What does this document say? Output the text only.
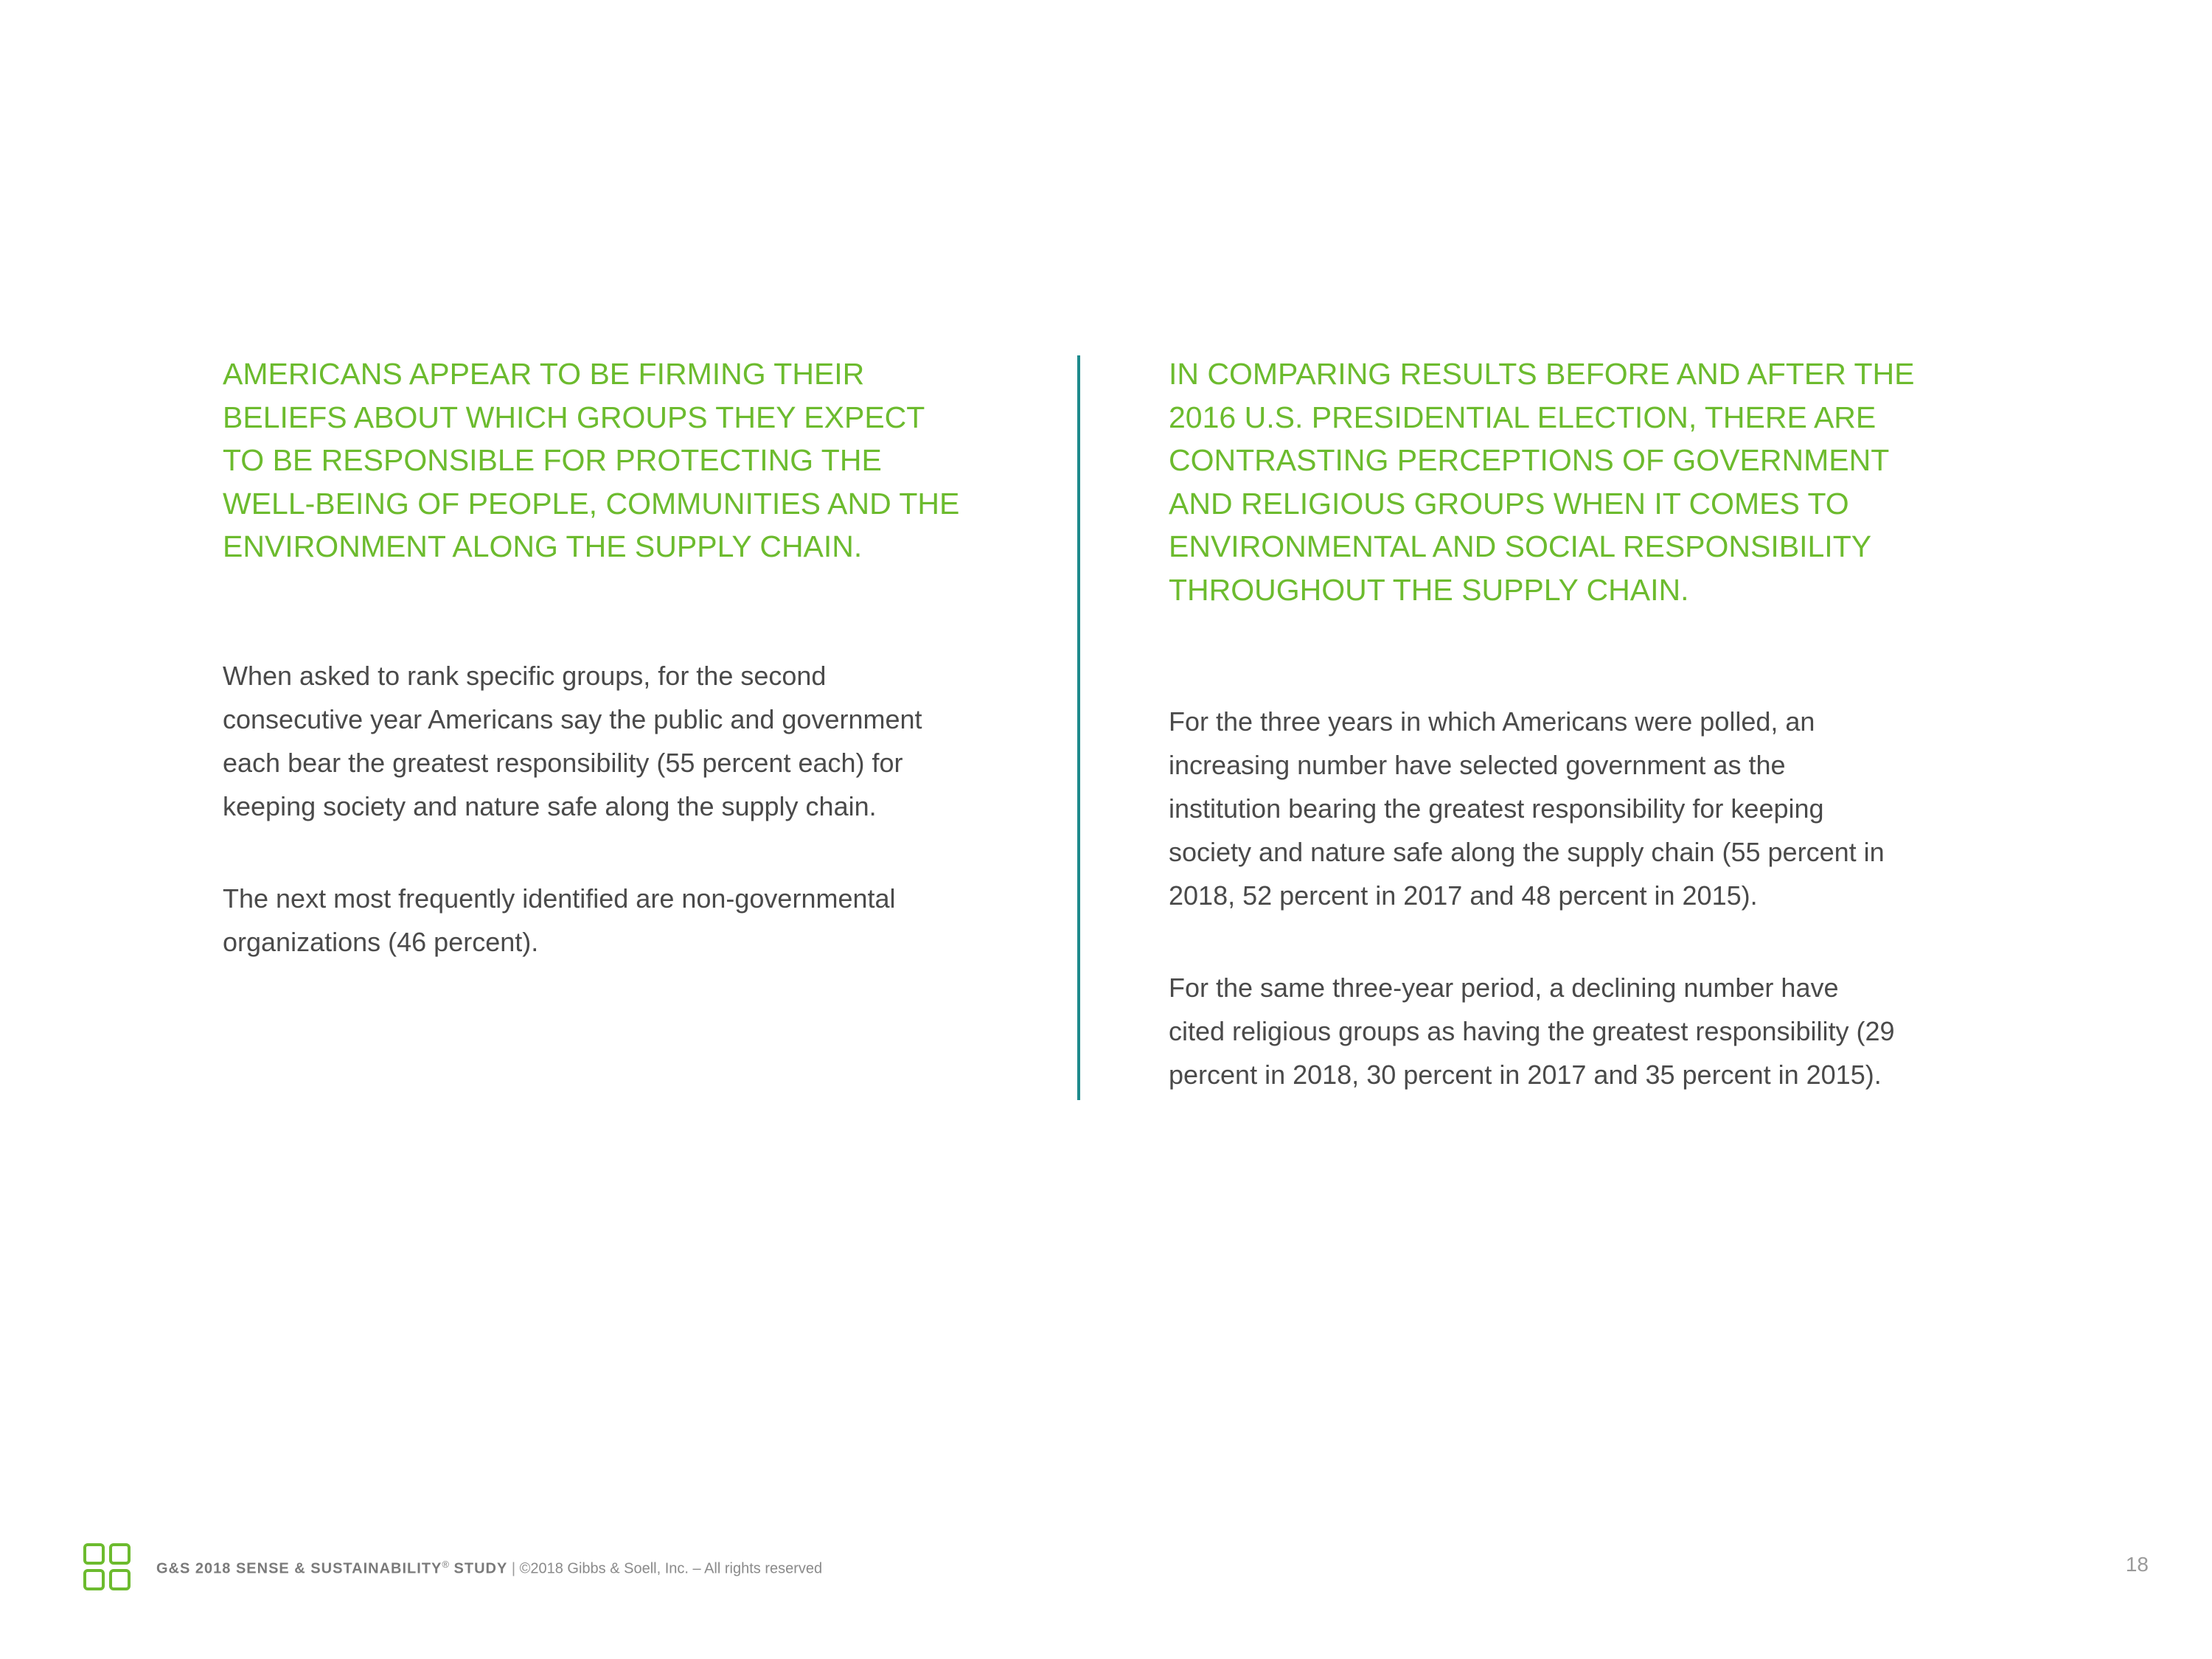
AMERICANS APPEAR TO BE FIRMING THEIR
BELIEFS ABOUT WHICH GROUPS THEY EXPECT
TO BE RESPONSIBLE FOR PROTECTING THE
WELL-BEING OF PEOPLE, COMMUNITIES AND THE
ENVIRONMENT ALONG THE SUPPLY CHAIN.

When asked to rank specific groups, for the second
consecutive year Americans say the public and government
each bear the greatest responsibility (55 percent each) for
keeping society and nature safe along the supply chain.

The next most frequently identified are non-governmental
organizations (46 percent).

IN COMPARING RESULTS BEFORE AND AFTER THE
2016 U.S. PRESIDENTIAL ELECTION, THERE ARE
CONTRASTING PERCEPTIONS OF GOVERNMENT
AND RELIGIOUS GROUPS WHEN IT COMES TO
ENVIRONMENTAL AND SOCIAL RESPONSIBILITY
THROUGHOUT THE SUPPLY CHAIN.

For the three years in which Americans were polled, an
increasing number have selected government as the
institution bearing the greatest responsibility for keeping
society and nature safe along the supply chain (55 percent in
2018, 52 percent in 2017 and 48 percent in 2015).

For the same three-year period, a declining number have
cited religious groups as having the greatest responsibility (29
percent in 2018, 30 percent in 2017 and 35 percent in 2015).

G&S 2018 SENSE & SUSTAINABILITY® STUDY | ©2018 Gibbs & Soell, Inc. – All rights reserved	18
